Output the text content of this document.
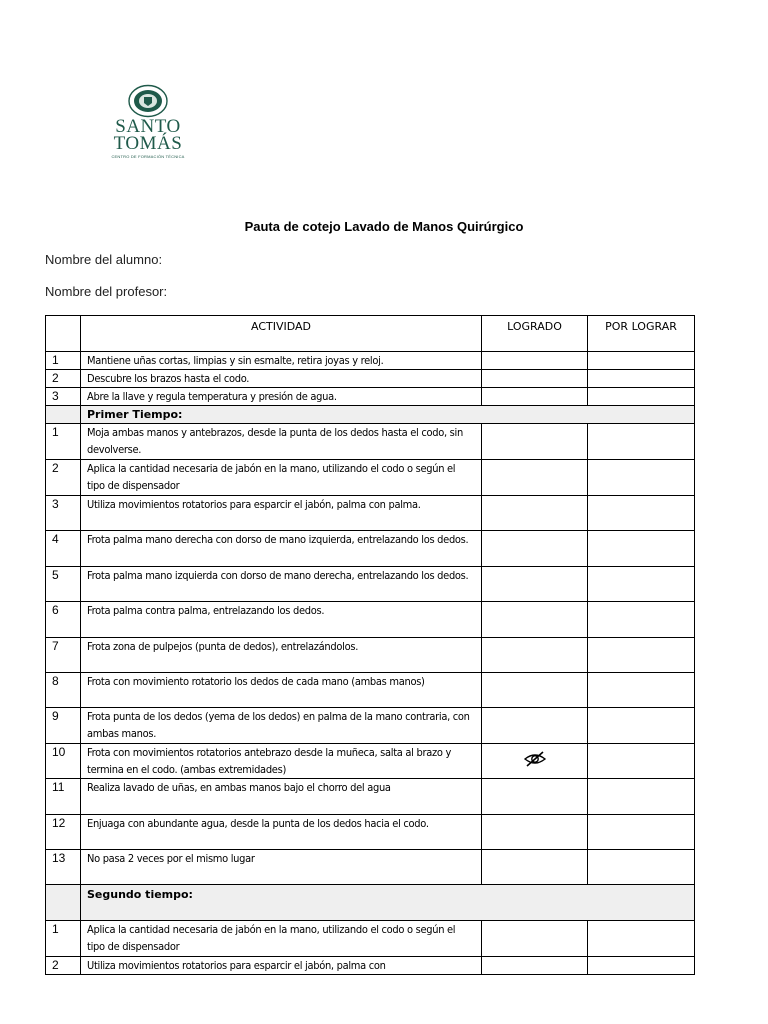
SANTO
TOMÁS
CENTRO DE FORMACIÓN TÉCNICA
Pauta de cotejo Lavado de Manos Quirúrgico
Nombre del alumno:
Nombre del profesor:
	ACTIVIDAD	LOGRADO	POR LOGRAR
1	Mantiene uñas cortas, limpias y sin esmalte, retira joyas y reloj.		
2	Descubre los brazos hasta el codo.		
3	Abre la llave y regula temperatura y presión de agua.		
	Primer Tiempo:		
1	Moja ambas manos y antebrazos, desde la punta de los dedos hasta el codo, sin devolverse.		
2	Aplica la cantidad necesaria de jabón en la mano, utilizando el codo o según el tipo de dispensador		
3	Utiliza movimientos rotatorios para esparcir el jabón, palma con palma.		
4	Frota palma mano derecha con dorso de mano izquierda, entrelazando los dedos.		
5	Frota palma mano izquierda con dorso de mano derecha, entrelazando los dedos.		
6	Frota palma contra palma, entrelazando los dedos.		
7	Frota zona de pulpejos (punta de dedos), entrelazándolos.		
8	Frota con movimiento rotatorio los dedos de cada mano (ambas manos)		
9	Frota punta de los dedos (yema de los dedos) en palma de la mano contraria, con ambas manos.		
10	Frota con movimientos rotatorios antebrazo desde la muñeca, salta al brazo y termina en el codo. (ambas extremidades)		
11	Realiza lavado de uñas, en ambas manos bajo el chorro del agua		
12	Enjuaga con abundante agua, desde la punta de los dedos hacia el codo.		
13	No pasa 2 veces por el mismo lugar		
	Segundo tiempo:		
1	Aplica la cantidad necesaria de jabón en la mano, utilizando el codo o según el tipo de dispensador		
2	Utiliza movimientos rotatorios para esparcir el jabón, palma con		
